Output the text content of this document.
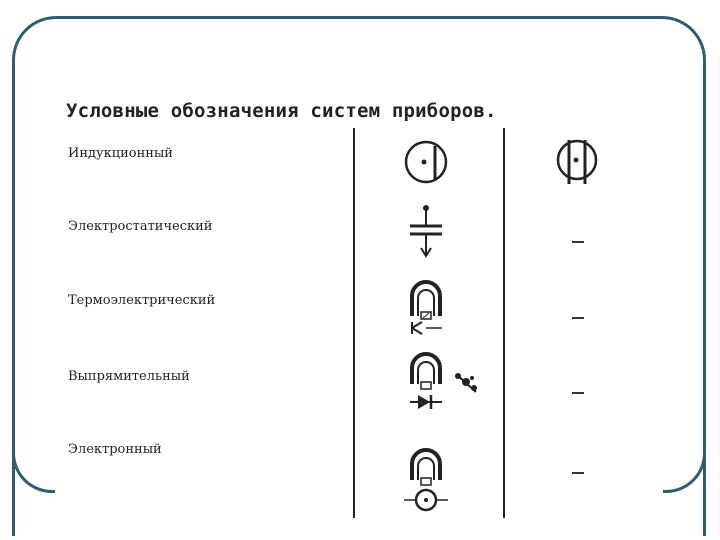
Условные обозначения систем приборов.
Индукционный
Электростатический
Термоэлектрический
Выпрямительный
Электронный
